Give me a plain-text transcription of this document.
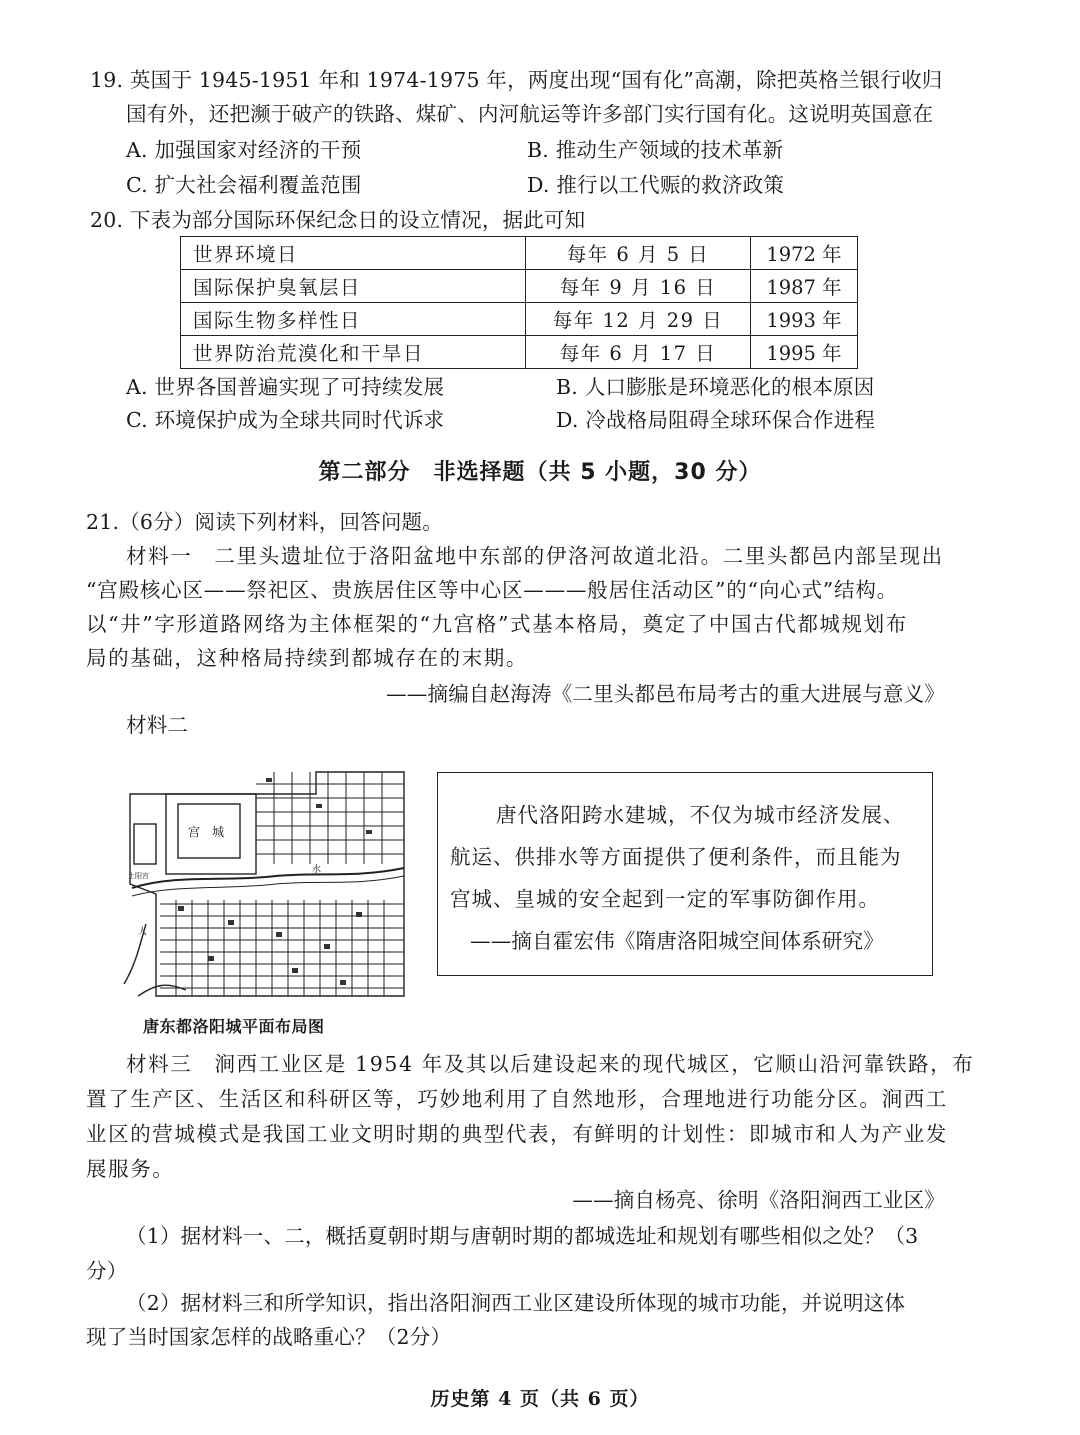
19. 英国于 1945-1951 年和 1974-1975 年，两度出现“国有化”高潮，除把英格兰银行收归
国有外，还把濒于破产的铁路、煤矿、内河航运等许多部门实行国有化。这说明英国意在
A. 加强国家对经济的干预	B. 推动生产领域的技术革新
C. 扩大社会福利覆盖范围	D. 推行以工代赈的救济政策
20. 下表为部分国际环保纪念日的设立情况，据此可知
世界环境日	每年 6 月 5 日	1972 年
国际保护臭氧层日	每年 9 月 16 日	1987 年
国际生物多样性日	每年 12 月 29 日	1993 年
世界防治荒漠化和干旱日	每年 6 月 17 日	1995 年
A. 世界各国普遍实现了可持续发展	B. 人口膨胀是环境恶化的根本原因
C. 环境保护成为全球共同时代诉求	D. 冷战格局阻碍全球环保合作进程
第二部分　非选择题（共 5 小题，30 分）
21.（6分）阅读下列材料，回答问题。
材料一　二里头遗址位于洛阳盆地中东部的伊洛河故道北沿。二里头都邑内部呈现出
“宫殿核心区——祭祀区、贵族居住区等中心区———般居住活动区”的“向心式”结构。
以“井”字形道路网络为主体框架的“九宫格”式基本格局，奠定了中国古代都城规划布
局的基础，这种格局持续到都城存在的末期。
——摘编自赵海涛《二里头都邑布局考古的重大进展与意义》
材料二
宫　城
水
上阳宫
人
唐东都洛阳城平面布局图
唐代洛阳跨水建城，不仅为城市经济发展、
航运、供排水等方面提供了便利条件，而且能为
宫城、皇城的安全起到一定的军事防御作用。
——摘自霍宏伟《隋唐洛阳城空间体系研究》
材料三　涧西工业区是 1954 年及其以后建设起来的现代城区，它顺山沿河靠铁路，布
置了生产区、生活区和科研区等，巧妙地利用了自然地形，合理地进行功能分区。涧西工
业区的营城模式是我国工业文明时期的典型代表，有鲜明的计划性：即城市和人为产业发
展服务。
——摘自杨亮、徐明《洛阳涧西工业区》
（1）据材料一、二，概括夏朝时期与唐朝时期的都城选址和规划有哪些相似之处？（3
分）
（2）据材料三和所学知识，指出洛阳涧西工业区建设所体现的城市功能，并说明这体
现了当时国家怎样的战略重心？（2分）
历史第 4 页（共 6 页）
